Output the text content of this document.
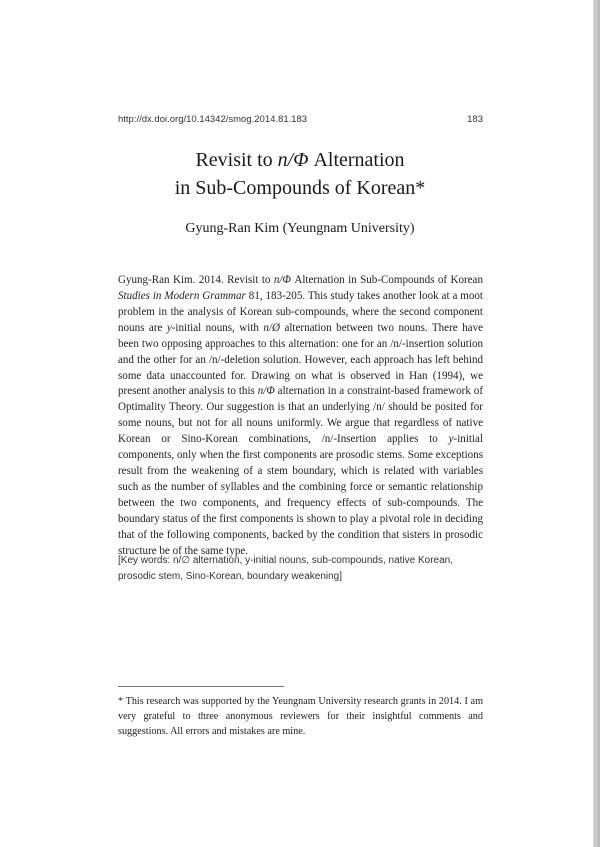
http://dx.doi.org/10.14342/smog.2014.81.183	183
Revisit to n/Φ Alternation
in Sub-Compounds of Korean*
Gyung-Ran Kim (Yeungnam University)

Gyung-Ran Kim. 2014. Revisit to n/Φ Alternation in Sub-Compounds of Korean Studies in Modern Grammar 81, 183-205. This study takes another look at a moot problem in the analysis of Korean sub-compounds, where the second component nouns are y-initial nouns, with n/Ø alternation between two nouns. There have been two opposing approaches to this alternation: one for an /n/-insertion solution and the other for an /n/-deletion solution. However, each approach has left behind some data unaccounted for. Drawing on what is observed in Han (1994), we present another analysis to this n/Φ alternation in a constraint-based framework of Optimality Theory. Our suggestion is that an underlying /n/ should be posited for some nouns, but not for all nouns uniformly. We argue that regardless of native Korean or Sino-Korean combinations, /n/-Insertion applies to y-initial components, only when the first components are prosodic stems. Some exceptions result from the weakening of a stem boundary, which is related with variables such as the number of syllables and the combining force or semantic relationship between the two components, and frequency effects of sub-compounds. The boundary status of the first components is shown to play a pivotal role in deciding that of the following components, backed by the condition that sisters in prosodic structure be of the same type.

[Key words: n/∅ alternation, y-initial nouns, sub-compounds, native Korean, prosodic stem, Sino-Korean, boundary weakening]
* This research was supported by the Yeungnam University research grants in 2014. I am very grateful to three anonymous reviewers for their insightful comments and suggestions. All errors and mistakes are mine.
